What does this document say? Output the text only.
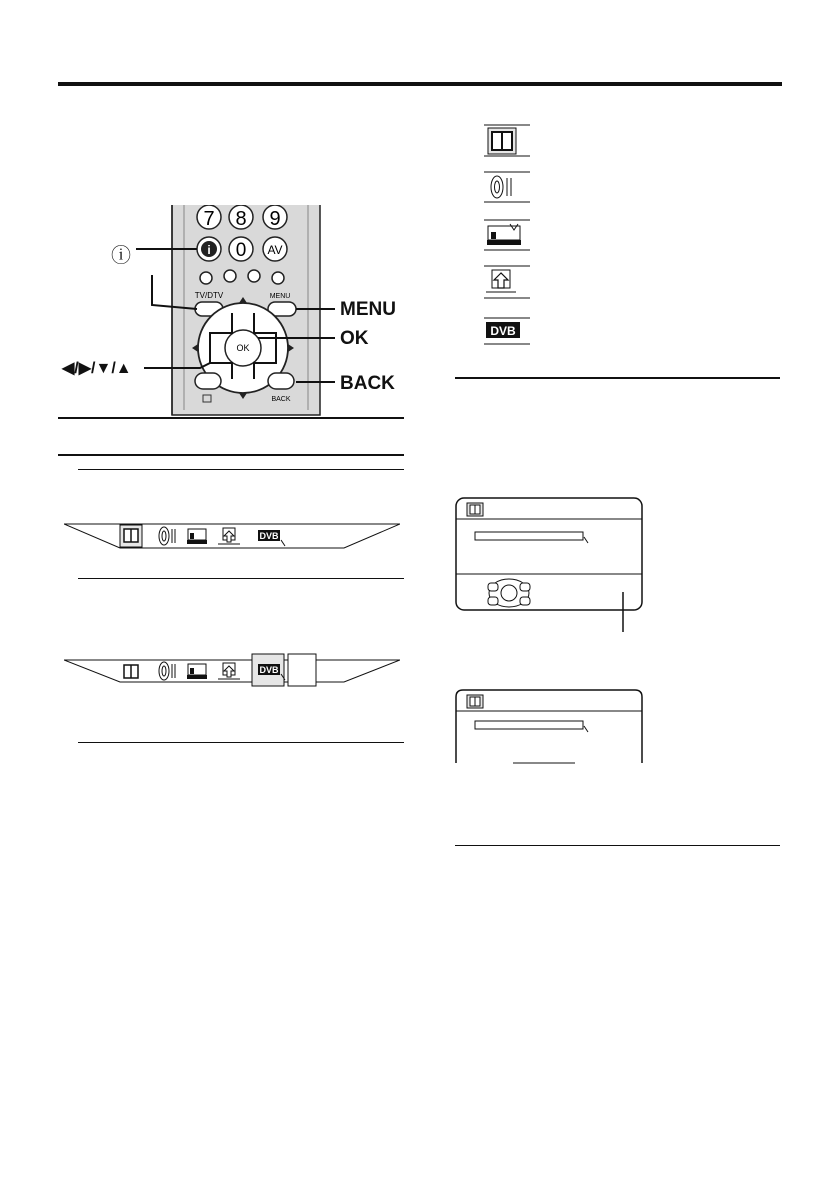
7 8 9
i 0 AV
TV/DTV	MENU
OK
BACK
ⓘ
MENU
OK
BACK
◀/▶/▼/▲
DVB
DVB
DVB
